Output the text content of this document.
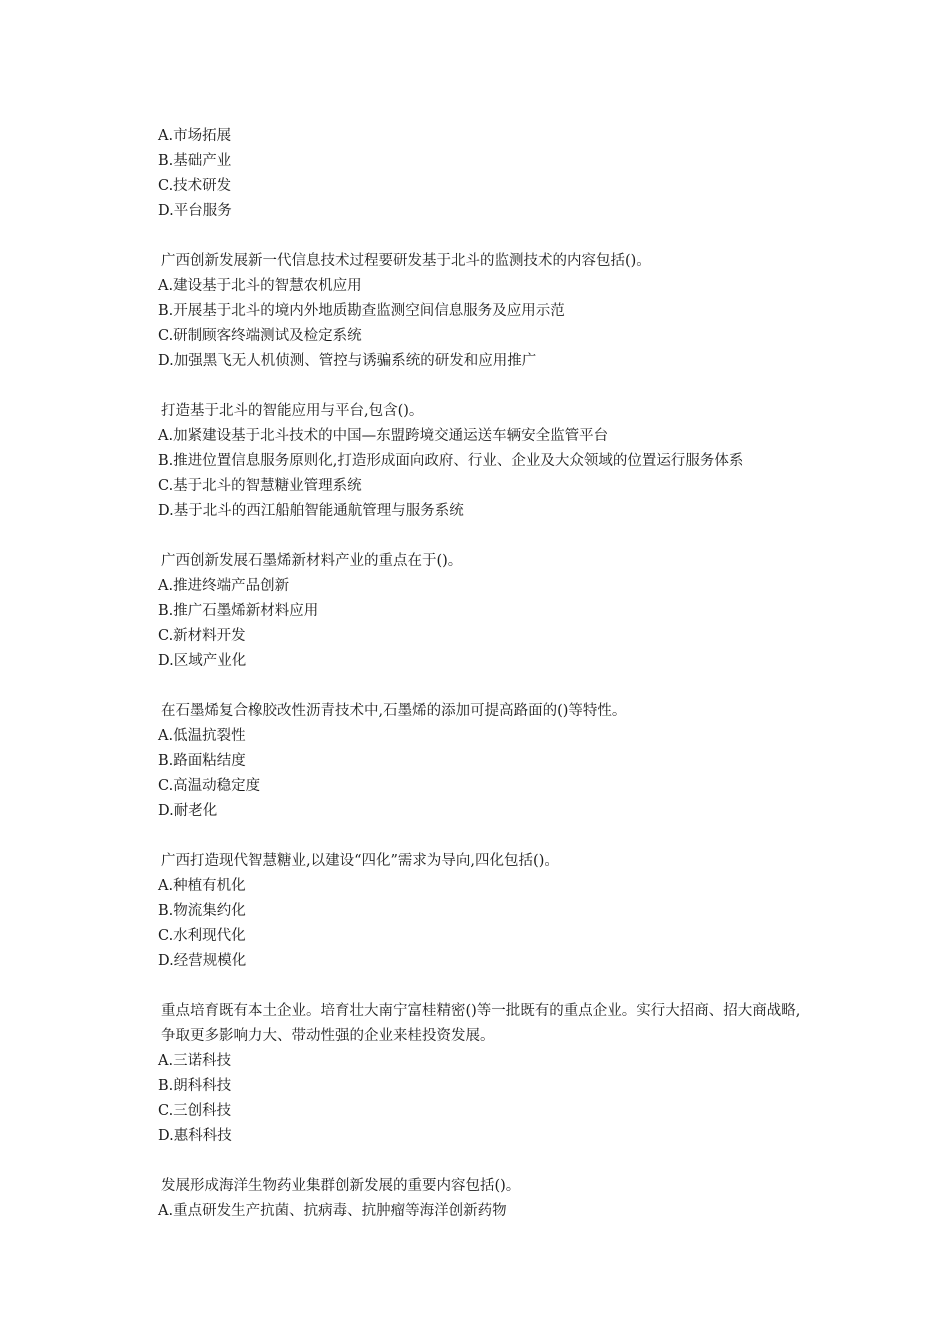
A.市场拓展
B.基础产业
C.技术研发
D.平台服务
广西创新发展新一代信息技术过程要研发基于北斗的监测技术的内容包括()。
A.建设基于北斗的智慧农机应用
B.开展基于北斗的境内外地质勘查监测空间信息服务及应用示范
C.研制顾客终端测试及检定系统
D.加强黑飞无人机侦测、管控与诱骗系统的研发和应用推广
打造基于北斗的智能应用与平台,包含()。
A.加紧建设基于北斗技术的中国—东盟跨境交通运送车辆安全监管平台
B.推进位置信息服务原则化,打造形成面向政府、行业、企业及大众领域的位置运行服务体系
C.基于北斗的智慧糖业管理系统
D.基于北斗的西江船舶智能通航管理与服务系统
广西创新发展石墨烯新材料产业的重点在于()。
A.推进终端产品创新
B.推广石墨烯新材料应用
C.新材料开发
D.区域产业化
在石墨烯复合橡胶改性沥青技术中,石墨烯的添加可提高路面的()等特性。
A.低温抗裂性
B.路面粘结度
C.高温动稳定度
D.耐老化
广西打造现代智慧糖业,以建设“四化”需求为导向,四化包括()。
A.种植有机化
B.物流集约化
C.水利现代化
D.经营规模化
重点培育既有本土企业。培育壮大南宁富桂精密()等一批既有的重点企业。实行大招商、招大商战略,争取更多影响力大、带动性强的企业来桂投资发展。
A.三诺科技
B.朗科科技
C.三创科技
D.惠科科技
发展形成海洋生物药业集群创新发展的重要内容包括()。
A.重点研发生产抗菌、抗病毒、抗肿瘤等海洋创新药物
